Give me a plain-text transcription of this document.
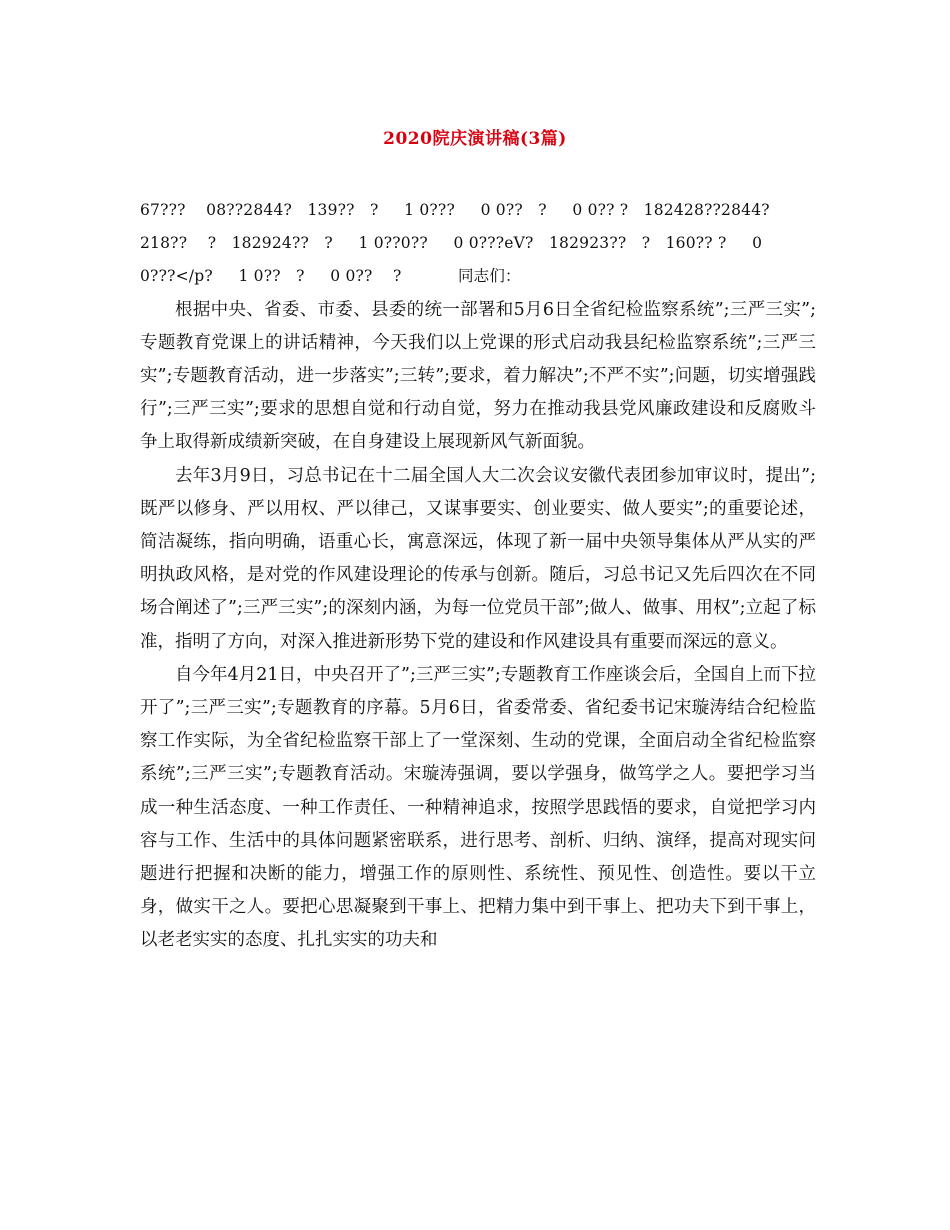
2020院庆演讲稿(3篇)

67???    08??2844?   139??   ?     1 0???     0 0??   ?     0 0?? ?   182428??2844?
218??    ?   182924??   ?     1 0??0??     0 0???eV?   182923??   ?   160?? ?     0
0???</p?     1 0??   ?     0 0??    ?           同志们：

根据中央、省委、市委、县委的统一部署和5月6日全省纪检监察系统”;三严三实”;专题教育党课上的讲话精神，今天我们以上党课的形式启动我县纪检监察系统”;三严三实”;专题教育活动，进一步落实”;三转”;要求，着力解决”;不严不实”;问题，切实增强践行”;三严三实”;要求的思想自觉和行动自觉，努力在推动我县党风廉政建设和反腐败斗争上取得新成绩新突破，在自身建设上展现新风气新面貌。

去年3月9日，习总书记在十二届全国人大二次会议安徽代表团参加审议时，提出”;既严以修身、严以用权、严以律己，又谋事要实、创业要实、做人要实”;的重要论述，简洁凝练，指向明确，语重心长，寓意深远，体现了新一届中央领导集体从严从实的严明执政风格，是对党的作风建设理论的传承与创新。随后，习总书记又先后四次在不同场合阐述了”;三严三实”;的深刻内涵，为每一位党员干部”;做人、做事、用权”;立起了标准，指明了方向，对深入推进新形势下党的建设和作风建设具有重要而深远的意义。

自今年4月21日，中央召开了”;三严三实”;专题教育工作座谈会后，全国自上而下拉开了”;三严三实”;专题教育的序幕。5月6日，省委常委、省纪委书记宋璇涛结合纪检监察工作实际，为全省纪检监察干部上了一堂深刻、生动的党课，全面启动全省纪检监察系统”;三严三实”;专题教育活动。宋璇涛强调，要以学强身，做笃学之人。要把学习当成一种生活态度、一种工作责任、一种精神追求，按照学思践悟的要求，自觉把学习内容与工作、生活中的具体问题紧密联系，进行思考、剖析、归纳、演绎，提高对现实问题进行把握和决断的能力，增强工作的原则性、系统性、预见性、创造性。要以干立身，做实干之人。要把心思凝聚到干事上、把精力集中到干事上、把功夫下到干事上，以老老实实的态度、扎扎实实的功夫和
